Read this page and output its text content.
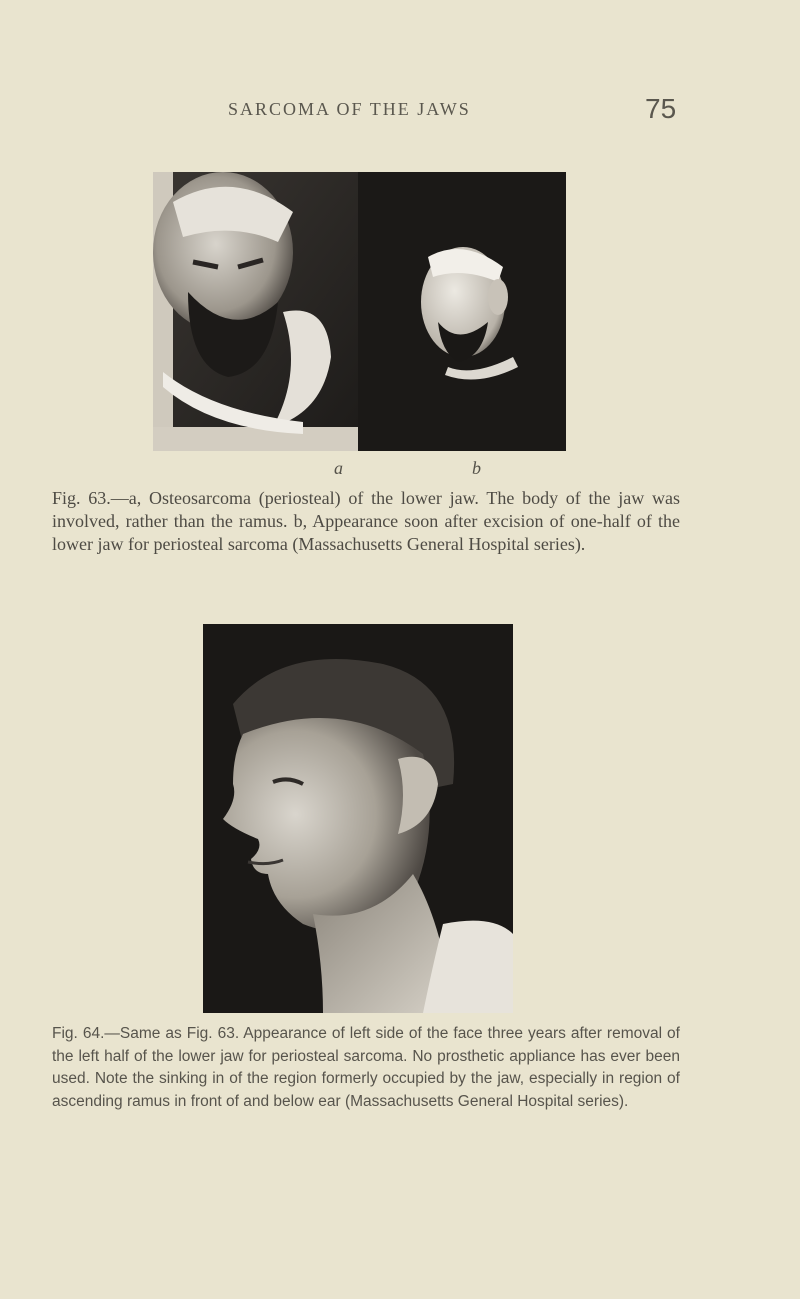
SARCOMA OF THE JAWS	75
a	b
Fig. 63.—a, Osteosarcoma (periosteal) of the lower jaw. The body of the jaw was involved, rather than the ramus. b, Appearance soon after excision of one-half of the lower jaw for periosteal sarcoma (Massachusetts General Hospital series).
Fig. 64.—Same as Fig. 63. Appearance of left side of the face three years after removal of the left half of the lower jaw for periosteal sarcoma. No prosthetic appliance has ever been used. Note the sinking in of the region formerly occupied by the jaw, especially in region of ascending ramus in front of and below ear (Massachusetts General Hospital series).
